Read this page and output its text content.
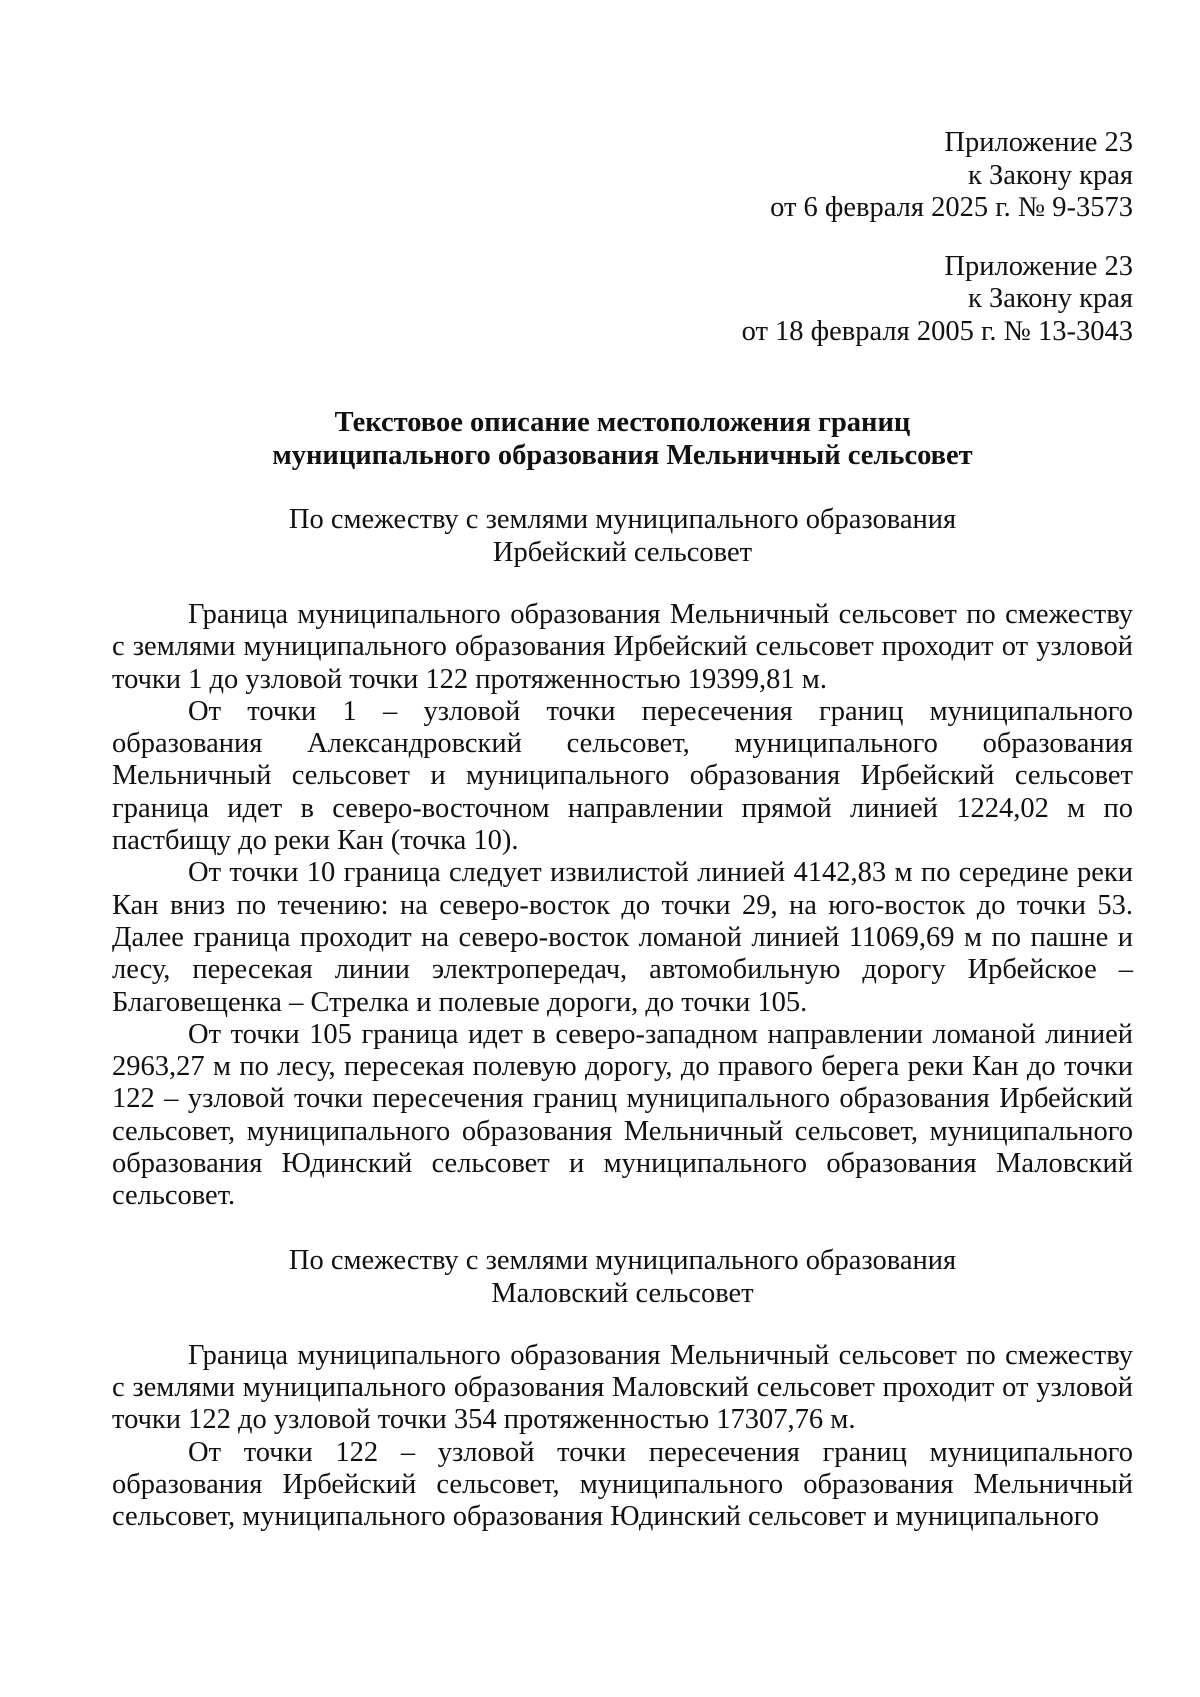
Приложение 23
к Закону края
от 6 февраля 2025 г. № 9-3573
Приложение 23
к Закону края
от 18 февраля 2005 г. № 13-3043
Текстовое описание местоположения границ
муниципального образования Мельничный сельсовет
По смежеству с землями муниципального образования
Ирбейский сельсовет

Граница муниципального образования Мельничный сельсовет по смежеству с землями муниципального образования Ирбейский сельсовет проходит от узловой точки 1 до узловой точки 122 протяженностью 19399,81 м.

От точки 1 – узловой точки пересечения границ муниципального образования Александровский сельсовет, муниципального образования Мельничный сельсовет и муниципального образования Ирбейский сельсовет граница идет в северо-восточном направлении прямой линией 1224,02 м по пастбищу до реки Кан (точка 10).

От точки 10 граница следует извилистой линией 4142,83 м по середине реки Кан вниз по течению: на северо-восток до точки 29, на юго-восток до точки 53. Далее граница проходит на северо-восток ломаной линией 11069,69 м по пашне и лесу, пересекая линии электропередач, автомобильную дорогу Ирбейское – Благовещенка – Стрелка и полевые дороги, до точки 105.

От точки 105 граница идет в северо-западном направлении ломаной линией 2963,27 м по лесу, пересекая полевую дорогу, до правого берега реки Кан до точки 122 – узловой точки пересечения границ муниципального образования Ирбейский сельсовет, муниципального образования Мельничный сельсовет, муниципального образования Юдинский сельсовет и муниципального образования Маловский сельсовет.

По смежеству с землями муниципального образования
Маловский сельсовет

Граница муниципального образования Мельничный сельсовет по смежеству с землями муниципального образования Маловский сельсовет проходит от узловой точки 122 до узловой точки 354 протяженностью 17307,76 м.

От точки 122 – узловой точки пересечения границ муниципального образования Ирбейский сельсовет, муниципального образования Мельничный сельсовет, муниципального образования Юдинский сельсовет и муниципального
